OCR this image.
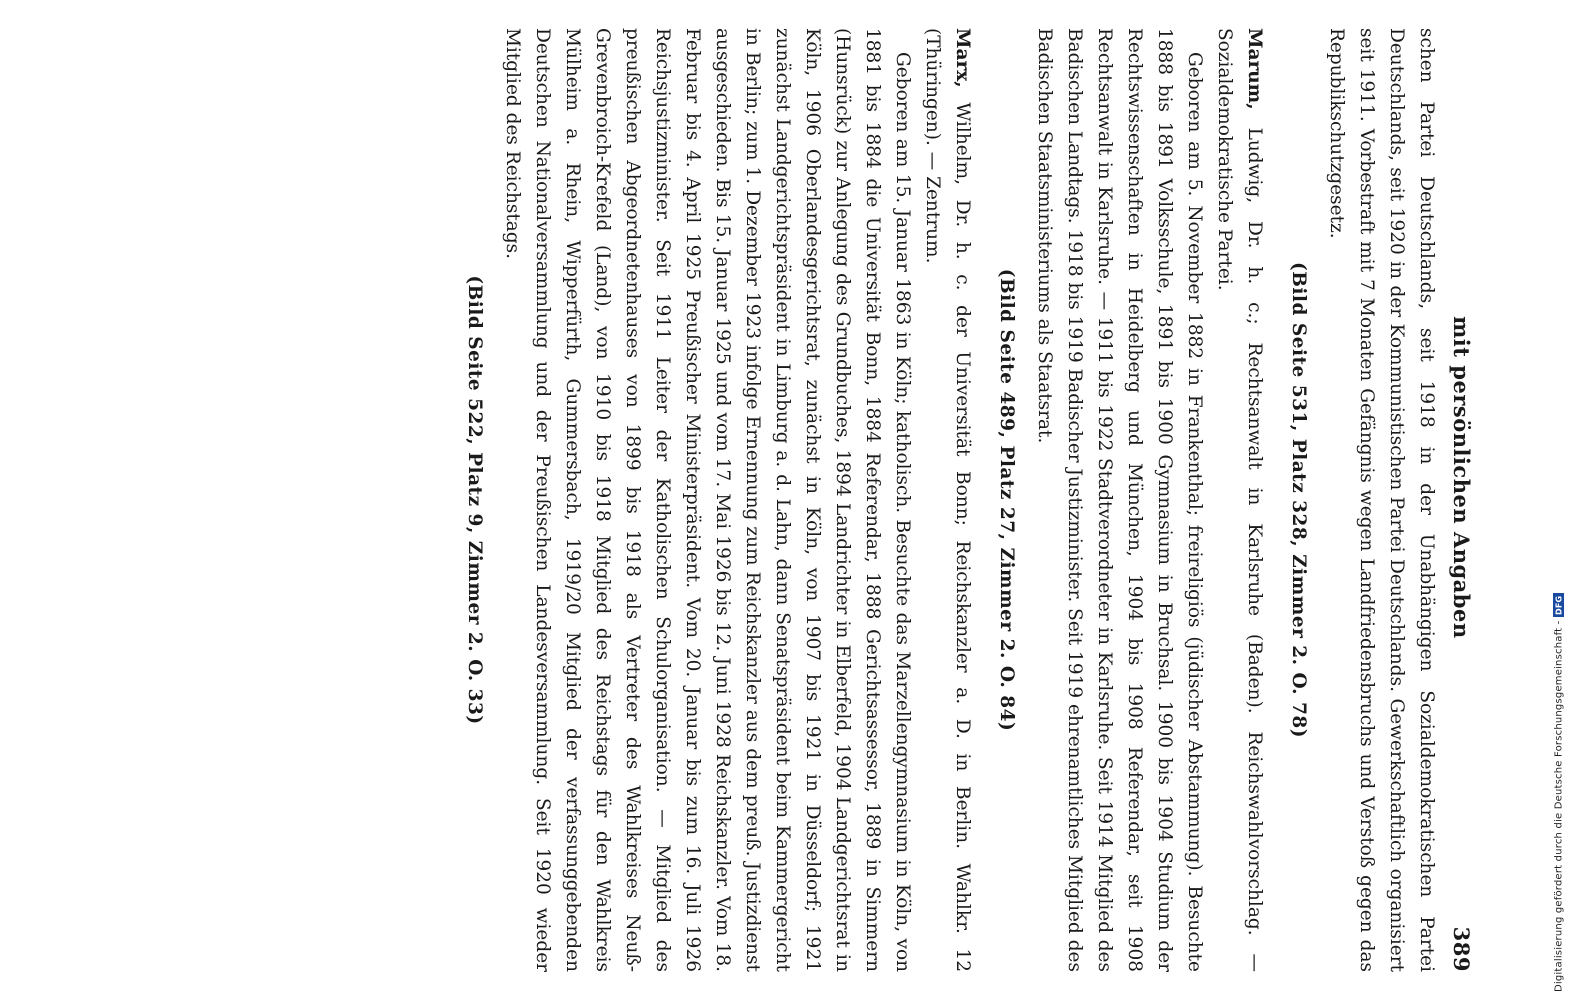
mit persönlichen Angaben
389

schen Partei Deutschlands, seit 1918 in der Unabhängigen Sozialdemokratischen Partei Deutschlands, seit 1920 in der Kommunistischen Partei Deutschlands. Gewerkschaftlich organisiert seit 1911. Vorbestraft mit 7 Monaten Gefängnis wegen Landfriedensbruchs und Verstoß gegen das Republikschutzgesetz.

(Bild Seite 531, Platz 328, Zimmer 2. O. 78)

Marum, Ludwig, Dr. h. c.; Rechtsanwalt in Karlsruhe (Baden). Reichswahlvorschlag. — Sozialdemokratische Partei.

Geboren am 5. November 1882 in Frankenthal; freireligiös (jüdischer Abstammung). Besuchte 1888 bis 1891 Volksschule, 1891 bis 1900 Gymnasium in Bruchsal. 1900 bis 1904 Studium der Rechtswissenschaften in Heidelberg und München, 1904 bis 1908 Referendar, seit 1908 Rechtsanwalt in Karlsruhe. — 1911 bis 1922 Stadtverordneter in Karlsruhe. Seit 1914 Mitglied des Badischen Landtags. 1918 bis 1919 Badischer Justizminister. Seit 1919 ehrenamtliches Mitglied des Badischen Staatsministeriums als Staatsrat.

(Bild Seite 489, Platz 27, Zimmer 2. O. 84)

Marx, Wilhelm, Dr. h. c. der Universität Bonn; Reichskanzler a. D. in Berlin. Wahlkr. 12 (Thüringen). — Zentrum.

Geboren am 15. Januar 1863 in Köln; katholisch. Besuchte das Marzellengymnasium in Köln, von 1881 bis 1884 die Universität Bonn, 1884 Referendar, 1888 Gerichtsassessor, 1889 in Simmern (Hunsrück) zur Anlegung des Grundbuches, 1894 Landrichter in Elberfeld, 1904 Landgerichtsrat in Köln, 1906 Oberlandesgerichtsrat, zunächst in Köln, von 1907 bis 1921 in Düsseldorf; 1921 zunächst Landgerichtspräsident in Limburg a. d. Lahn, dann Senatspräsident beim Kammergericht in Berlin; zum 1. Dezember 1923 infolge Ernennung zum Reichskanzler aus dem preuß. Justizdienst ausgeschieden. Bis 15. Januar 1925 und vom 17. Mai 1926 bis 12. Juni 1928 Reichskanzler. Vom 18. Februar bis 4. April 1925 Preußischer Ministerpräsident. Vom 20. Januar bis zum 16. Juli 1926 Reichsjustizminister. Seit 1911 Leiter der Katholischen Schulorganisation. — Mitglied des preußischen Abgeordnetenhauses von 1899 bis 1918 als Vertreter des Wahlkreises Neuß-Grevenbroich-Krefeld (Land), von 1910 bis 1918 Mitglied des Reichstags für den Wahlkreis Mülheim a. Rhein, Wipperfürth, Gummersbach, 1919/20 Mitglied der verfassunggebenden Deutschen Nationalversammlung und der Preußischen Landesversammlung. Seit 1920 wieder Mitglied des Reichstags.

(Bild Seite 522, Platz 9, Zimmer 2. O. 33)
Digitalisierung gefördert durch die Deutsche Forschungsgemeinschaft -
DFG
